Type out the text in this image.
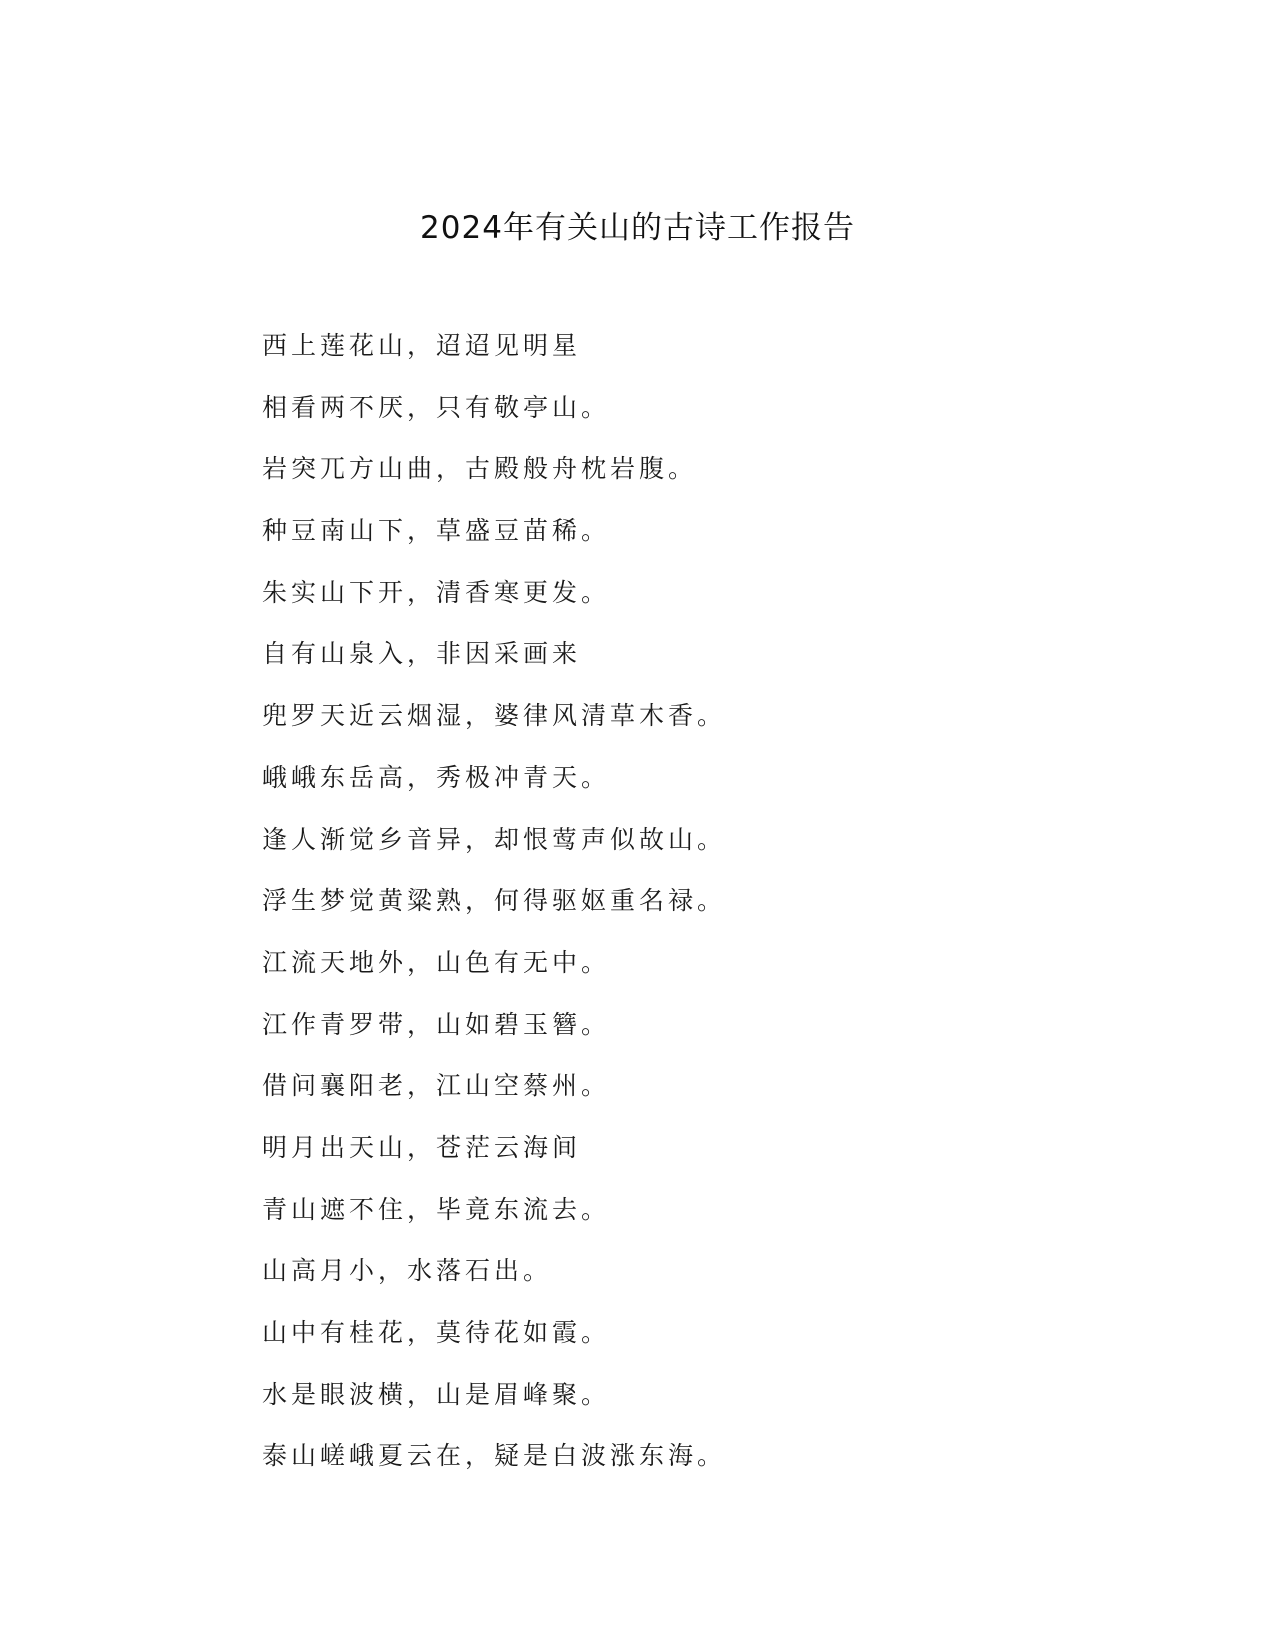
2024年有关山的古诗工作报告
西上莲花山，迢迢见明星
相看两不厌，只有敬亭山。
岩突兀方山曲，古殿般舟枕岩腹。
种豆南山下，草盛豆苗稀。
朱实山下开，清香寒更发。
自有山泉入，非因采画来
兜罗天近云烟湿，婆律风清草木香。
峨峨东岳高，秀极冲青天。
逢人渐觉乡音异，却恨莺声似故山。
浮生梦觉黄粱熟，何得驱妪重名禄。
江流天地外，山色有无中。
江作青罗带，山如碧玉簪。
借问襄阳老，江山空蔡州。
明月出天山，苍茫云海间
青山遮不住，毕竟东流去。
山高月小，水落石出。
山中有桂花，莫待花如霞。
水是眼波横，山是眉峰聚。
泰山嵯峨夏云在，疑是白波涨东海。
